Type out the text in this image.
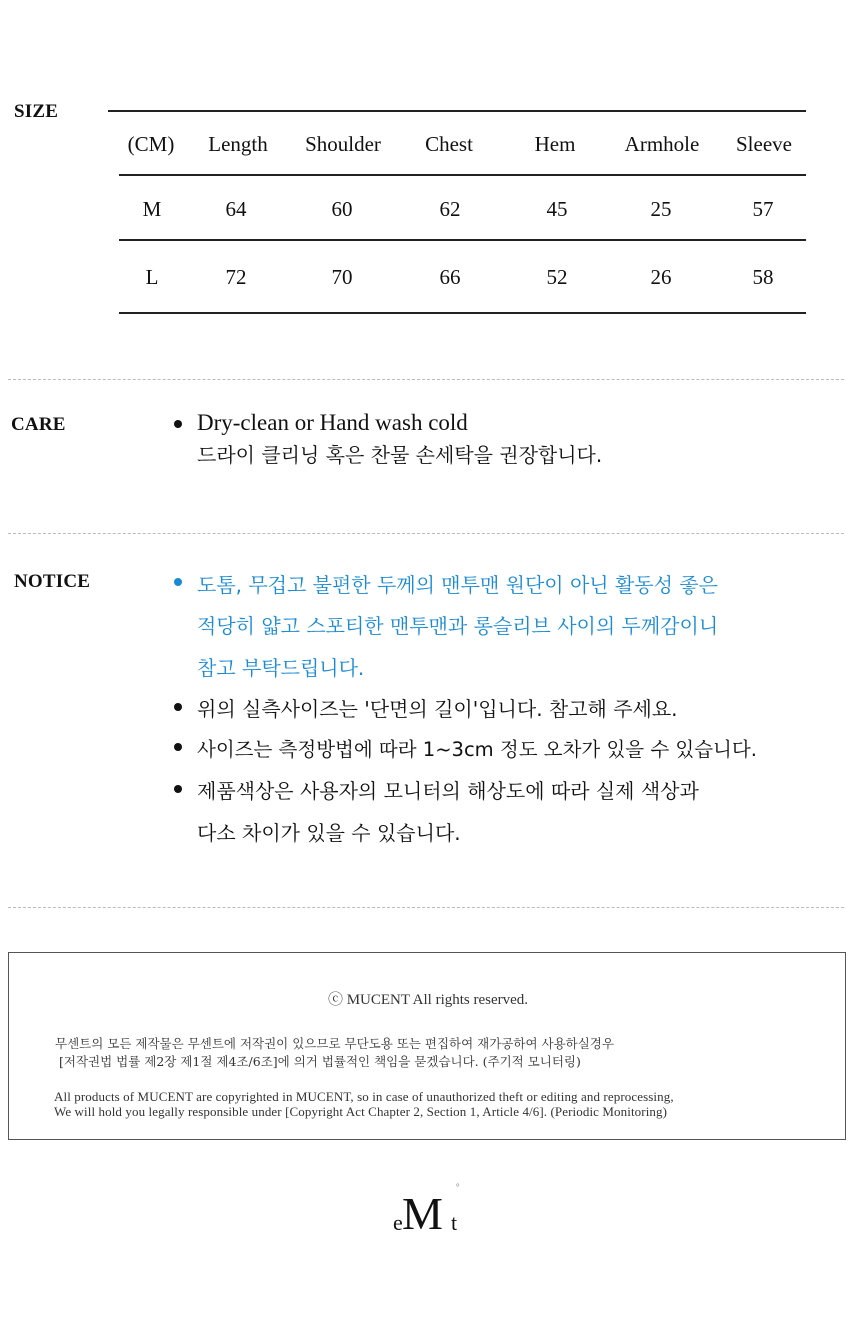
SIZE
(CM) Length Shoulder Chest	Hem Armhole Sleeve
M	64	60	62	45	25	57
L	72	70	66	52	26	58
CARE	Dry-clean or Hand wash cold
드라이 클리닝 혹은 찬물 손세탁을 권장합니다.
NOTICE	도톰, 무겁고 불편한 두께의 맨투맨 원단이 아닌 활동성 좋은
적당히 얇고 스포티한 맨투맨과 롱슬리브 사이의 두께감이니
참고 부탁드립니다.
위의 실측사이즈는 '단면의 길이'입니다. 참고해 주세요.
사이즈는 측정방법에 따라 1~3cm 정도 오차가 있을 수 있습니다.
제품색상은 사용자의 모니터의 해상도에 따라 실제 색상과
다소 차이가 있을 수 있습니다.
ⓒ MUCENT All rights reserved.
무센트의 모든 제작물은 무센트에 저작권이 있으므로 무단도용 또는 편집하여 재가공하여 사용하실경우
[저작권법 법률 제2장 제1절 제4조/6조]에 의거 법률적인 책임을 묻겠습니다. (주기적 모니터링)
All products of MUCENT are copyrighted in MUCENT, so in case of unauthorized theft or editing and reprocessing,
We will hold you legally responsible under [Copyright Act Chapter 2, Section 1, Article 4/6]. (Periodic Monitoring)
e M t
°
